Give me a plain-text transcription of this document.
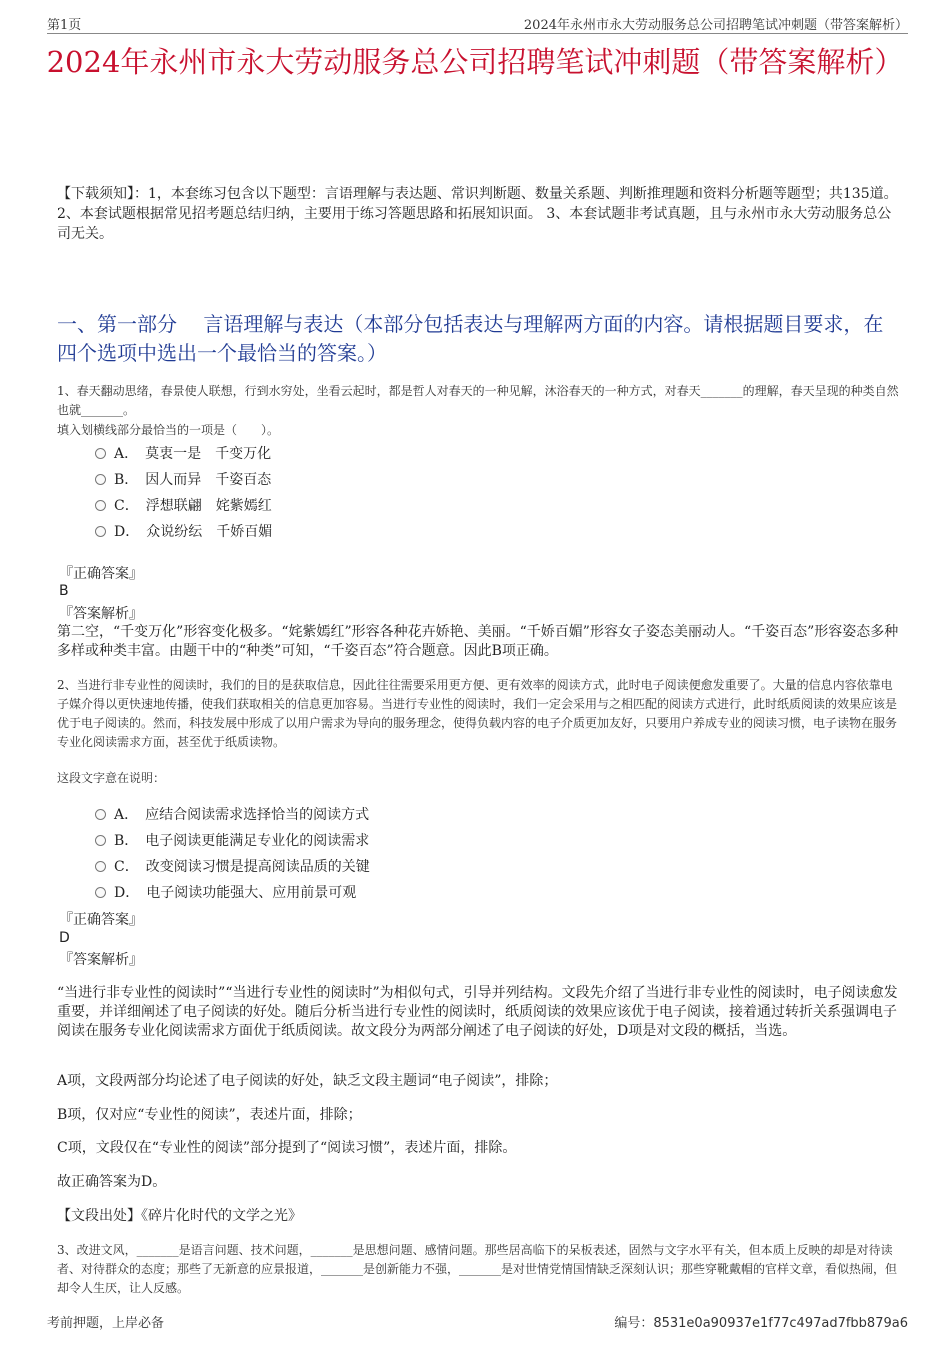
第1页	2024年永州市永大劳动服务总公司招聘笔试冲刺题（带答案解析）
2024年永州市永大劳动服务总公司招聘笔试冲刺题（带答案解析）
【下载须知】：1，本套练习包含以下题型：言语理解与表达题、常识判断题、数量关系题、判断推理题和资料分析题等题型；共135道。 2、本套试题根据常见招考题总结归纳，主要用于练习答题思路和拓展知识面。 3、本套试题非考试真题，且与永州市永大劳动服务总公司无关。
一、第一部分　 言语理解与表达（本部分包括表达与理解两方面的内容。请根据题目要求，在四个选项中选出一个最恰当的答案。）
1、春天翻动思绪，春景使人联想，行到水穷处，坐看云起时，都是哲人对春天的一种见解，沐浴春天的一种方式，对春天_______的理解，春天呈现的种类自然也就_______。
填入划横线部分最恰当的一项是（　　）。
A．　莫衷一是　千变万化
B．　因人而异　千姿百态
C．　浮想联翩　姹紫嫣红
D．　众说纷纭　千娇百媚
『正确答案』
B
『答案解析』
第二空，“千变万化”形容变化极多。“姹紫嫣红”形容各种花卉娇艳、美丽。“千娇百媚”形容女子姿态美丽动人。“千姿百态”形容姿态多种多样或种类丰富。由题干中的“种类”可知，“千姿百态”符合题意。因此B项正确。
2、当进行非专业性的阅读时，我们的目的是获取信息，因此往往需要采用更方便、更有效率的阅读方式，此时电子阅读便愈发重要了。大量的信息内容依靠电子媒介得以更快速地传播，使我们获取相关的信息更加容易。当进行专业性的阅读时，我们一定会采用与之相匹配的阅读方式进行，此时纸质阅读的效果应该是优于电子阅读的。然而，科技发展中形成了以用户需求为导向的服务理念，使得负载内容的电子介质更加友好，只要用户养成专业的阅读习惯，电子读物在服务专业化阅读需求方面，甚至优于纸质读物。
这段文字意在说明：
A．　应结合阅读需求选择恰当的阅读方式
B．　电子阅读更能满足专业化的阅读需求
C．　改变阅读习惯是提高阅读品质的关键
D．　电子阅读功能强大、应用前景可观
『正确答案』
D
『答案解析』
“当进行非专业性的阅读时”“当进行专业性的阅读时”为相似句式，引导并列结构。文段先介绍了当进行非专业性的阅读时，电子阅读愈发重要，并详细阐述了电子阅读的好处。随后分析当进行专业性的阅读时，纸质阅读的效果应该优于电子阅读，接着通过转折关系强调电子阅读在服务专业化阅读需求方面优于纸质阅读。故文段分为两部分阐述了电子阅读的好处，D项是对文段的概括，当选。
A项，文段两部分均论述了电子阅读的好处，缺乏文段主题词“电子阅读”，排除；
B项，仅对应“专业性的阅读”，表述片面，排除；
C项，文段仅在“专业性的阅读”部分提到了“阅读习惯”，表述片面，排除。
故正确答案为D。
【文段出处】《碎片化时代的文学之光》
3、改进文风，_______是语言问题、技术问题，_______是思想问题、感情问题。那些居高临下的呆板表述，固然与文字水平有关，但本质上反映的却是对待读者、对待群众的态度；那些了无新意的应景报道，_______是创新能力不强，_______是对世情党情国情缺乏深刻认识；那些穿靴戴帽的官样文章，看似热闹，但却令人生厌，让人反感。
考前押题，上岸必备	编号：8531e0a90937e1f77c497ad7fbb879a6
